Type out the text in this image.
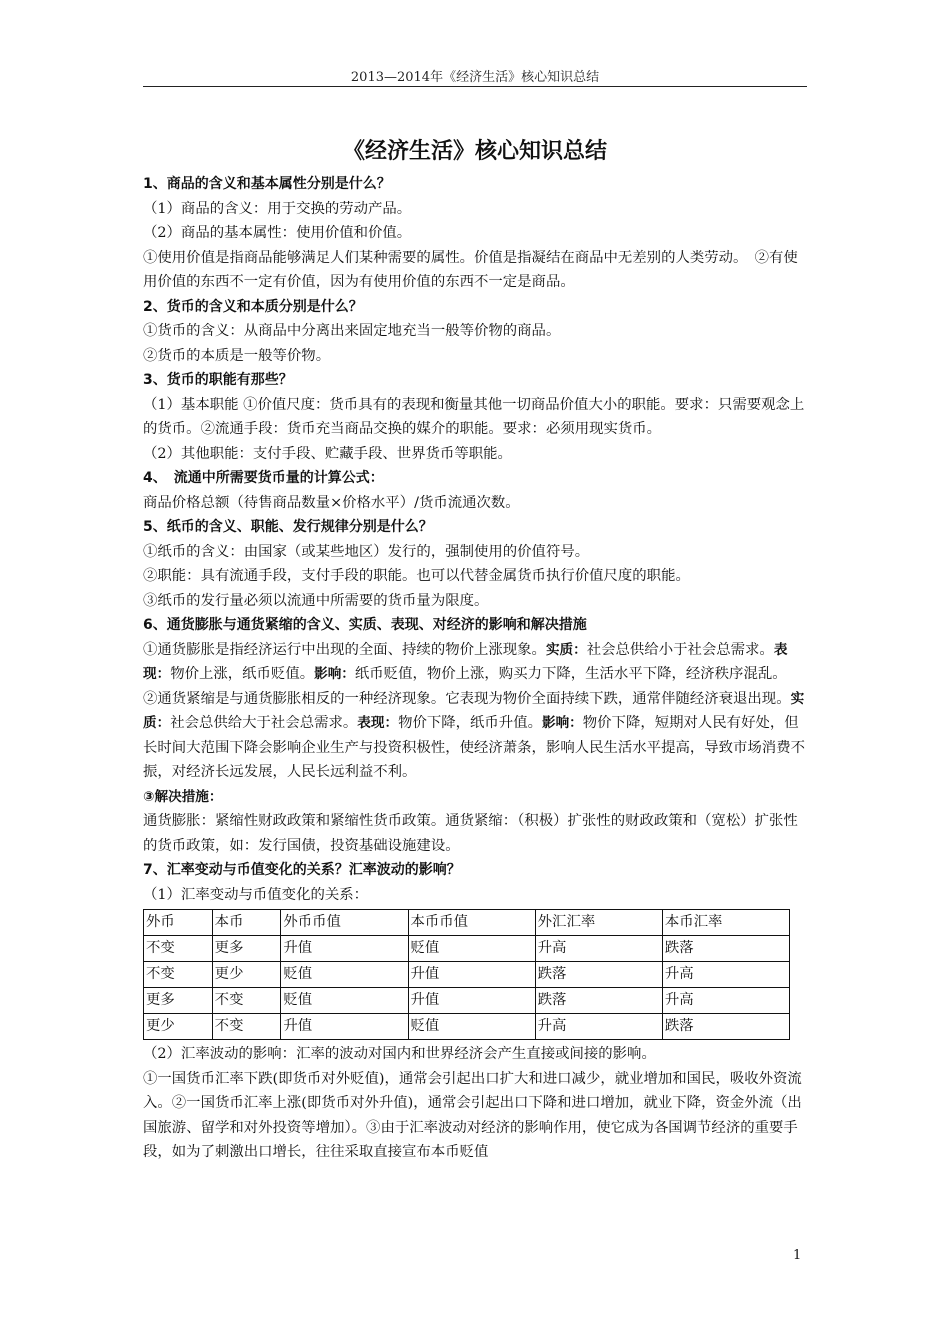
2013—2014年《经济生活》核心知识总结
《经济生活》核心知识总结

1、商品的含义和基本属性分别是什么？

（1）商品的含义：用于交换的劳动产品。

（2）商品的基本属性：使用价值和价值。

①使用价值是指商品能够满足人们某种需要的属性。价值是指凝结在商品中无差别的人类劳动。　②有使用价值的东西不一定有价值，因为有使用价值的东西不一定是商品。

2、货币的含义和本质分别是什么？

①货币的含义：从商品中分离出来固定地充当一般等价物的商品。

②货币的本质是一般等价物。

3、货币的职能有那些？

（1）基本职能 ①价值尺度：货币具有的表现和衡量其他一切商品价值大小的职能。要求：只需要观念上的货币。②流通手段：货币充当商品交换的媒介的职能。要求：必须用现实货币。

（2）其他职能：支付手段、贮藏手段、世界货币等职能。

4、　流通中所需要货币量的计算公式：

商品价格总额（待售商品数量×价格水平）/货币流通次数。

5、纸币的含义、职能、发行规律分别是什么？

①纸币的含义：由国家（或某些地区）发行的，强制使用的价值符号。

②职能：具有流通手段，支付手段的职能。也可以代替金属货币执行价值尺度的职能。

③纸币的发行量必须以流通中所需要的货币量为限度。

6、通货膨胀与通货紧缩的含义、实质、表现、对经济的影响和解决措施

①通货膨胀是指经济运行中出现的全面、持续的物价上涨现象。实质：社会总供给小于社会总需求。表现：物价上涨，纸币贬值。影响：纸币贬值，物价上涨，购买力下降，生活水平下降，经济秩序混乱。

②通货紧缩是与通货膨胀相反的一种经济现象。它表现为物价全面持续下跌，通常伴随经济衰退出现。实质：社会总供给大于社会总需求。表现：物价下降，纸币升值。影响：物价下降，短期对人民有好处，但长时间大范围下降会影响企业生产与投资积极性，使经济萧条，影响人民生活水平提高，导致市场消费不振，对经济长远发展，人民长远利益不利。

③解决措施：

通货膨胀：紧缩性财政政策和紧缩性货币政策。通货紧缩：（积极）扩张性的财政政策和（宽松）扩张性的货币政策，如：发行国债，投资基础设施建设。

7、汇率变动与币值变化的关系？汇率波动的影响？

（1）汇率变动与币值变化的关系：

外币	本币	外币币值	本币币值	外汇汇率	本币汇率
不变	更多	升值	贬值	升高	跌落
不变	更少	贬值	升值	跌落	升高
更多	不变	贬值	升值	跌落	升高
更少	不变	升值	贬值	升高	跌落

（2）汇率波动的影响：汇率的波动对国内和世界经济会产生直接或间接的影响。

①一国货币汇率下跌(即货币对外贬值)，通常会引起出口扩大和进口减少，就业增加和国民，吸收外资流入。②一国货币汇率上涨(即货币对外升值)，通常会引起出口下降和进口增加，就业下降，资金外流（出国旅游、留学和对外投资等增加）。③由于汇率波动对经济的影响作用，使它成为各国调节经济的重要手段，如为了刺激出口增长，往往采取直接宣布本币贬值

1
